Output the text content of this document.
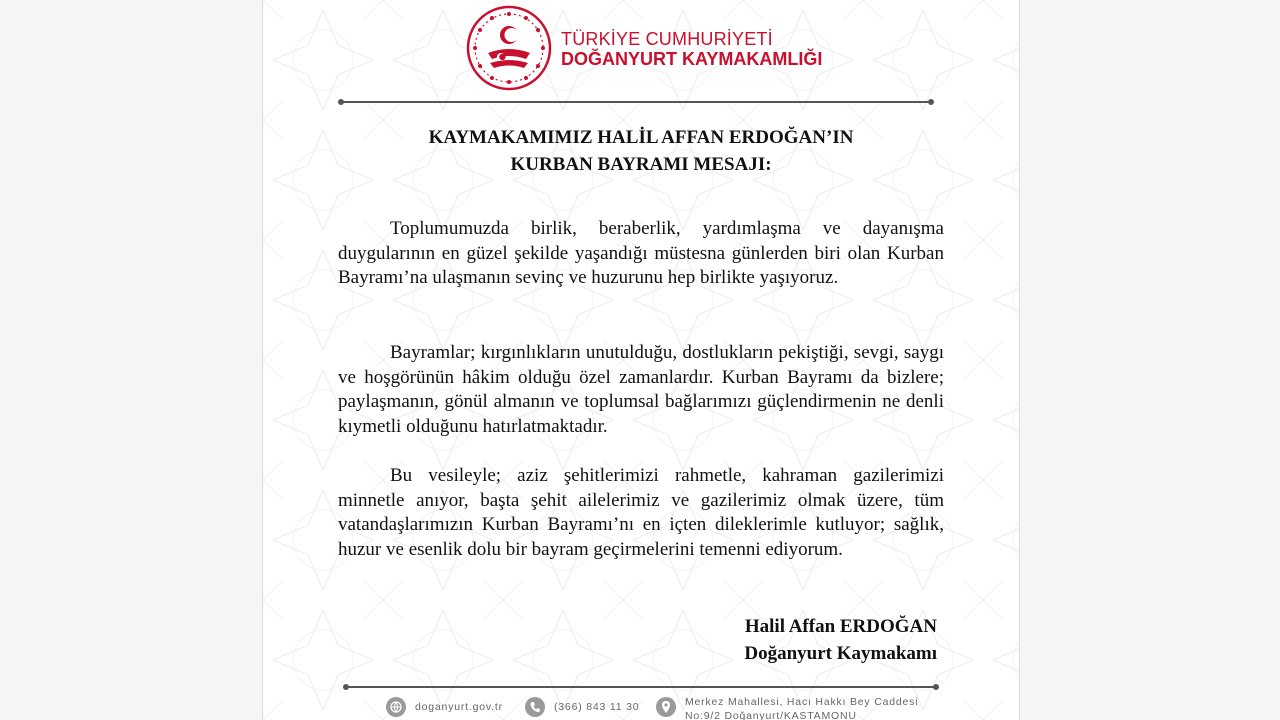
TÜRKİYE CUMHURİYETİ
DOĞANYURT KAYMAKAMLIĞI
KAYMAKAMIMIZ HALİL AFFAN ERDOĞAN’IN
KURBAN BAYRAMI MESAJI:

Toplumumuzda birlik, beraberlik, yardımlaşma ve dayanışma duygularının en güzel şekilde yaşandığı müstesna günlerden biri olan Kurban Bayramı’na ulaşmanın sevinç ve huzurunu hep birlikte yaşıyoruz.

Bayramlar; kırgınlıkların unutulduğu, dostlukların pekiştiği, sevgi, saygı ve hoşgörünün hâkim olduğu özel zamanlardır. Kurban Bayramı da bizlere; paylaşmanın, gönül almanın ve toplumsal bağlarımızı güçlendirmenin ne denli kıymetli olduğunu hatırlatmaktadır.

Bu vesileyle; aziz şehitlerimizi rahmetle, kahraman gazilerimizi minnetle anıyor, başta şehit ailelerimiz ve gazilerimiz olmak üzere, tüm vatandaşlarımızın Kurban Bayramı’nı en içten dileklerimle kutluyor; sağlık, huzur ve esenlik dolu bir bayram geçirmelerini temenni ediyorum.

Halil Affan ERDOĞAN
Doğanyurt Kaymakamı
doganyurt.gov.tr	(366) 843 11 30	Merkez Mahallesi, Hacı Hakkı Bey Caddesi
No:9/2 Doğanyurt/KASTAMONU
